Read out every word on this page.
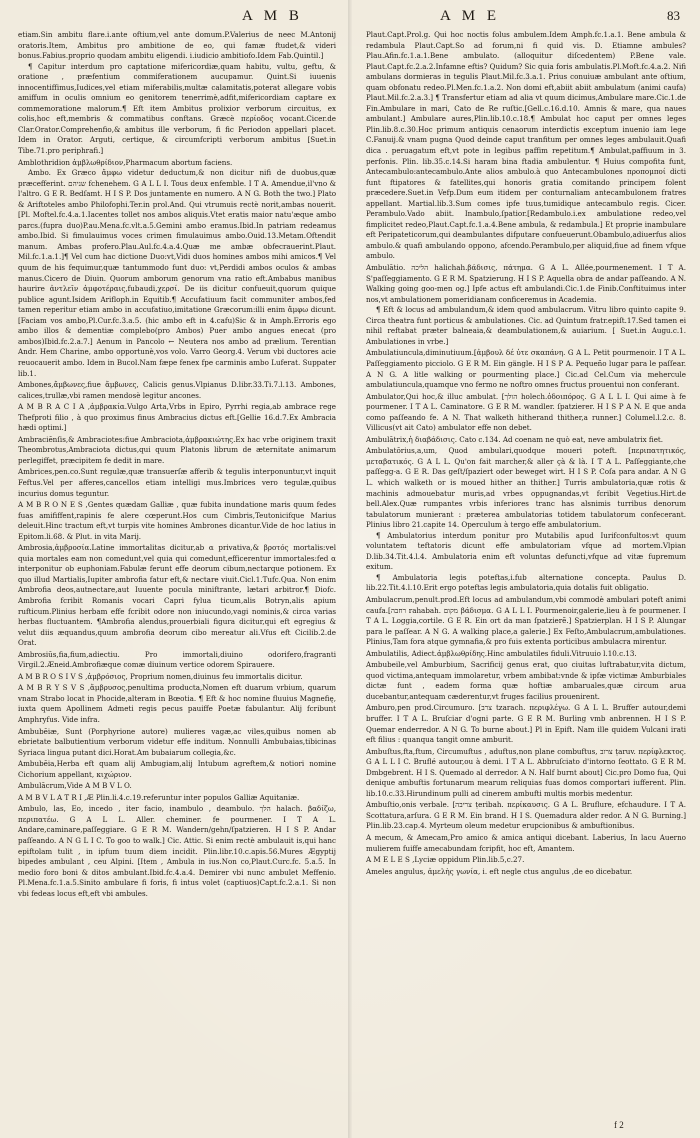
A M B	A M E	83

etiam.Sin ambitu flare.i.ante oftium,vel ante domum.P.Valerius de neec M.Antonij oratoris.Item, Ambitus pro ambitione de eo, qui famæ ftudet,& videri bonus.Fabius.proprio quodam ambitu eligendi. i.iudicio ambitiofo.Idem Fab.Quintil.]

¶ Capitur interdum pro captatione mifericordiæ,quam habitu, vultu, geftu, & oratione , præfentium commiferationem aucupamur. Quint.Si iuuenis innocentiffimus,Iudices,vel etiam miferabilis,multæ calamitatis,poterat allegare vobis amiffum in oculis omnium eo genitorem tenerrimè,adfit,mifericordiam captare ex commemoratione malorum.¶ Eft item Ambitus prolixior verborum circuitus, ex colis,hoc eft,membris & commatibus conftans. Græcè περίοδος vocant.Cicer.de Clar.Orator.Comprehenfio,& ambitus ille verborum, fi fic Periodon appellari placet. Idem in Orator. Arguti, certique, & circumfcripti verborum ambitus [Suet.in Tibe.71.pro periphrafi.]

Amblothridion ἀμβλωθρίδιον,Pharmacum abortum faciens.

Ambo. Ex Græco ἄμφω videtur deductum,& non dicitur nifi de duobus,quæ præcefferint. שניהם fchenehem. G A L L I. Tous deux enfemble. I T A. Amendue,il'vno & l'altro. G E R. Bedſamt. H I S P. Dos juntamente en numero. A N G. Both the two.] Plato & Ariftoteles ambo Philofophi.Ter.in prol.And. Qui vtrumuis rectè norit,ambas nouerit.[Pl. Moftel.fc.4.a.1.Iacentes tollet nos ambos aliquis.Vtet eratis maior natu'æque ambo parcs.(fupra duo)P.au.Mena.fc.vlt.a.5.Gemini ambo eramus.Ibid.In patriam redeamus ambo.Ibid. Si fimulauimus voces crimen fimulauimus ambo.Ouid.13.Metam.Oftendit manum. Ambas profero.Plau.Aul.fc.4.a.4.Quæ me ambæ obfecrauerint.Plaut. Mil.fc.1.a.1.]¶ Vel cum hac dictione Duo:vt,Vidi duos homines ambos mihi amicos.¶ Vel quum de his fequimur,quæ tantummodo funt duo: vt,Perdidi ambos oculos & ambas manus.Cicero de Diuin. Quorum amborum genorum vna ratio eft.Ambabus manibus haurire ἀντλεῖν ἀμφοτέραις,fubaudi,χερσί. De iis dicitur confueuit,quorum quique publice agunt.Isidem Arifloph.in Equitib.¶ Accufatiuum facit communiter ambos,fed tamen reperitur etiam ambo in accufatiuo,imitatione Græcorum:illi enim ἄμφω dicunt.[Faciam vos ambo,Pl.Cur.fc.3.a.5. (hic ambo eft in 4.cafu)Sic & in Amph.Erroris ego ambo illos & dementiæ complebo(pro Ambos) Puer ambo angues enecat (pro ambos)Ibid.fc.2.a.7.] Aenum in Pancolo ← Neutera nos ambo ad prælium. Terentian Andr. Hem Charine, ambo opportunè,vos volo. Varro Georg.4. Verum vbi ductores acie reuocauerit ambo. Idem in Bucol.Nam fæpe fenex fpe carminis ambo Luferat. Suppater lib.1.

Ambones,ἄμβωνες,fiue ἄμβωνες, Calicis genus.Vlpianus D.libr.33.Ti.7.l.13. Ambones, calices,trullæ,vbi ramen mendosè legitur ancones.

A M B R A C I A ,ἀμβρακία.Vulgo Arta,Vrbs in Epiro, Pyrrhi regia,ab ambrace rege Thefproti filio , à quo proximus finus Ambracius dictus eft.[Gellie 16.d.7.Ex Ambracia hædi optimi.]

Ambraciēnſis,& Ambraciotes:fiue Ambraciota,ἀμβρακιώτης.Ex hac vrbe originem traxit Theombrotus,Ambraciota dictus,qui quum Platonis librum de æternitate animarum perlegiffet, præcipitem fe dedit in mare.

Ambrices,pen.co.Sunt regulæ,quæ transuerſæ afferib & tegulis interponuntur,vt inquit Feftus.Vel per afferes,cancellos etiam intelligi mus.Imbrices vero tegulæ,quibus incurius domus teguntur.

A M B R O N E S ,Gentes quædam Galliæ , quæ fubita inundatione maris quum fedes fuas amififfent,rapinis fe alere cœperunt.Hos cum Cimbris,Teutonicifque Marius deleuit.Hinc tractum eft,vt turpis vite homines Ambrones dicantur.Vide de hoc latius in Epitom.li.68. & Plut. in vita Marij.

Ambrosia,ἀμβροσία.Latine immortalitas dicitur,ab α privativa,& βροτός mortalis:vel quia mortales eam non comedunt,vel quia qui comedunt,efficerentur immortales:fed α interponitur ob euphoniam.Fabulæ ferunt effe deorum cibum,nectarque potionem. Ex quo illud Martialis,Iupiter ambrofia fatur eft,& nectare viuit.Cicl.1.Tufc.Qua. Non enim Ambrofia deos,autnectare,aut Iuuente pocula miniftrante, lætari arbitror.¶ Diofc. Ambrofia fcribit Romanis vocari Capri fylua ticum,alis Botryn,alis apium rufticum.Plinius herbam effe fcribit odore non iniucundo,vagi nominis,& circa varias herbas fluctuantem. ¶Ambrofia alendus,prouerbiali figura dicitur,qui eft egregius & velut diis æquandus,quum ambrofia deorum cibo mereatur ali.Vfus eft Cicilib.2.de Orat.

Ambrosiūs,fia,fium,adiectiu. Pro immortali,diuino odorifero,fragranti Virgil.2.Æneid.Ambrofiæque comæ diuinum vertice odorem Spirauere.

A M B R O S I V S ,ἀμβρόσιος, Proprium nomen,diuinus feu immortalis dicitur.

A M B R Y S V S ,ἄμβρυσος,penultima producta,Nomen eft duarum vrbium, quarum vnam Strabo locat in Phocide,alteram in Bœotia. ¶ Eft & hoc nomine fluuius Magnefię, iuxta quem Apollinem Admeti regis pecus pauiffe Poetæ fabulantur. Alij fcribunt Amphryfus. Vide infra.

Ambubēiæ, Sunt (Porphyrione autore) mulieres vagæ,ac viles,quibus nomen ab ebrietate balbutientium verborum videtur effe inditum. Nonnulli Ambubaias,tibicinas Syriaca lingua putant dici.Horat.Am bubaiarum collegia,&c.

Ambubēia,Herba eft quam alij Ambugiam,alij Intubum agreftem,& notiori nomine Cichorium appellant, κιχώριον.

Ambulācrum,Vide A M B V L O.

A M B V L A T R I ,Æ Plin.li.4.c.19.referuntur inter populos Galliæ Aquitaniæ.

Ambulo, las, Eo, incedo , iter facio, inambulo , deambulo. הלך halach. βαδίζω, περιπατέω. G A L L. Aller. cheminer. fe pourmener. I T A L. Andare,caminare,paſſeggiare. G E R M. Wandern/gehn/ſpatzieren. H I S P. Andar paſſeando. A N G L I C. To goo to walk.] Cic. Attic. Si enim rectè ambulauit is,qui hanc epiftolam tulit , in ipfum tuum diem incidit. Plin.libr.10.c.apis.56.Mures Ægyptij bipedes ambulant , ceu Alpini. [Item , Ambula in ius.Non co,Plaut.Curc.fc. 5.a.5. In medio foro boni & ditos ambulant.Ibid.fc.4.a.4. Demirer vbi nunc ambulet Meffenio. Pl.Mena.fc.1.a.5.Sinito ambulare fi foris, fi intus volet (captiuos)Capt.fc.2.a.1. Si non vbi fedeas locus eft,eft vbi ambules.

Plaut.Capt.Prol.g. Qui hoc noctis folus ambulem.Idem Amph.fc.1.a.1. Bene ambula & redambula Plaut.Capt.So ad forum,ni fi quid vis. D. Etiamne ambules?Plau.Afin.fc.1.a.1.Bene ambulato. (alloquitur diſcedentem) P.Bene vale. Plaut.Capt.fc.2.a.2.Infamne eftis? Quidum? Sic quia foris ambulatis.Pl.Moft.fc.4.a.2. Nifi ambulans dormieras in tegulis Plaut.Mil.fc.3.a.1. Prius conuiuæ ambulant ante oftium, quam obfonatu redeo.Pl.Men.fc.1.a.2. Non domi eft,abiit abiit ambulatum (animi caufa) Plaut.Mil.fc.2.a.3.] ¶ Transfertur etiam ad alia vt quum dicimus,Ambulare mare.Cic.1.de Fin.Ambulare in mari, Cato de Re ruſtic.[Gell.c.16.d.10. Amnis & mare, qua naues ambulant.] Ambulare aures,Plin.lib.10.c.18.¶ Ambulat hoc caput per omnes leges Plin.lib.8.c.30.Hoc primum antiquis cenaorum interdictis exceptum inuenio iam lege C.Fanuij.& vnam pugna Quod deinde caput tranfitum per omnes leges ambulauit.Quafi dica . peruagatum eft,vt pote in legibus paffim repetitum.¶ Ambulat,paffiuum in 3. perfonis. Plin. lib.35.c.14.Si haram bina ftadia ambulentur. ¶ Huius compofita funt, Antecambulo:antecambulo.Ante alios ambulo.à quo Antecambulones προπομποί dicti funt ftipatores & fatellites,qui honoris gratia comitando principem folent præcedere.Suet.in Vefp.Dum eum itidem per conturnaliam antecambulonem fratres appellant. Martial.lib.3.Sum comes ipfe tuus,tumidique antecambulo regis. Cicer. Perambulo.Vado abiit. Inambulo,ſpatior.[Redambulo.i.ex ambulatione redeo,vel fimplicitet redeo,Plaut.Capt.fc.1.a.4.Bene ambula, & redambula.] Et proprie inambulare eft Peripateticorum,qui deambulantes difputare confueuerunt.Obambulo,adiuerfus alios ambulo.& quafi ambulando oppono, afcendo.Perambulo,per aliquid,fiue ad finem vfque ambulo.

Ambulātio. הליכה halichah.βάδισις, πάτημα. G A L. Allée,pourmenement. I T A. S'paſſeggiamento. G E R M. Spatzierung. H I S P. Aquella obra de andar paſſeando. A N. Walking going goo-men og.] Ipfe actus eft ambulandi.Cic.1.de Finib.Conftituimus inter nos,vt ambulationem pomeridianam conficeremus in Academia.

¶ Eft & locus ad ambulandum,& idem quod ambulacrum. Vitru libro quinto capite 9. Circa theatra funt porticus & ambulationes. Cic. ad Quintum fratr.epiſt.17.Sed tamen ei nihil reftabat præter balneaia,& deambulationem,& auiarium. [ Suet.in Augu.c.1. Ambulationes in vrbe.]

Ambulatiuncula,diminutiuum.[ἀμβουλ δέ ὑτε σκαπάνη. G A L. Petit pourmenoir. I T A L. Paſſeggiamento picciolo. G E R M. Ein gängle. H I S P A. Pequeño lugar para le paſſear. A N G. A litle walking or pourmenting place.] Cic.ad Cel.Cum via mehercule ambulatiuncula,quamque vno fermo ne noftro omnes fructus prouentui non conferant.

Ambulator,Qui hoc,& illuc ambulat. [הולך holech.ὁδοιπόρος. G A L L I. Qui aime à fe pourmener. I T A L. Caminatore. G E R M. wandler. ſpatzierer. H I S P A N. E que anda como paſſeando fe. A N. That walketh hitherand thither,a runner.] Columel.l.2.c. 8. Villicus(vt ait Cato) ambulator effe non debet.

Ambulātrix,ἡ διαβάδισις. Cato c.134. Ad coenam ne quò eat, neve ambulatrix fiet.

Ambulatōrius,a,um, Quod ambulari,quodque moueri poteft. [περιπατητικός, μεταβατικός. G A L L. Qu'on fait marcher,& aller çà & là. I T A L. Paſſeggiante,che paſſegg-a. G E R. Das geſt/ſpaziert oder beweget wirt. H I S P. Coſa para andar. A N G L. which walketh or is moued hither an thither.] Turris ambulatoria,quæ rotis & machinis admouebatur muris,ad vrbes oppugnandas,vt fcribit Vegetius.Hirt.de bell.Alex.Quæ rumpantes vrbis inferiores tranc has alsnimis turribus denorum tabulatorum munierant : præterea ambulatorias totidem tabulatorum confecerant. Plinius libro 21.capite 14. Operculum à tergo effe ambulatorium.

¶ Ambulatorius interdum ponitur pro Mutabilis apud Iurifconfultos:vt quum voluntatem teftatoris dicunt effe ambulatoriam vfque ad mortem.Vlpian D.lib.34.Tit.4.l.4. Ambulatoria enim eft voluntas defuncti,vfque ad vitæ fupremum exitum.

¶ Ambulatoria legis poteftas,i.fub alternatione concepta. Paulus D. lib.22.Tit.4.l.10.Erit ergo poteftas legis ambulatoria,quia dotalis fuit obligatio.

Ambulacrum,penult.prod.Eft locus ad ambulandum,vbi commodè ambulari poteft animi caufa.[רחבה rahabah. מקום βάδισμα. G A L L I. Pourmenoir,galerie,lieu à fe pourmener. I T A L. Loggia,cortile. G E R. Ein ort da man ſpatzierẽ.] Spatzierplan. H I S P. Alungar para le paſſear. A N G. A walking place,a galerie.] Ex Feſto,Ambulacrum,ambulationes. Plinius,Tam fora atque gymnafia,& pro fuis extenta porticibus ambulacra mirentur.

Ambulatilis, Adiect.ἀμβλωθρίδης.Hinc ambulatiles fiduli.Vitruuio l.10.c.13.

Ambubeile,vel Amburbium, Sacrificij genus erat, quo ciuitas luftrabatur,vita dictum, quod victima,antequam immolaretur, vrbem ambibat:vnde & ipfæ victimæ Amburbiales dictæ funt , eadem forma quæ hoftiæ ambaruales,quæ circum arua ducebantur,antequam cæderentur,vt fruges facilius prouenirent.

Amburo,pen prod.Circumuro. [צרב tzarach. περιφλέγω. G A L L. Bruffer autour,demi bruffer. I T A L. Bruſciar d'ogni parte. G E R M. Burling vmb anbrennen. H I S P. Quemar enderredor. A N G. To burne about.] Pl in Epift. Nam ille quidem Vulcani irati eft filius : quanqua tangit omne amburit.

Ambuſtus,fta,ftum, Circumuftus , aduftus,non plane combuftus, צרוב ṭaruv. περίφλεκτος. G A L L I C. Bruflé autour,ou à demi. I T A L. Abbruſciato d'intorno ſeottato. G E R M. Dmbgebrent. H I S. Quemado al derredor. A N. Half burnt about] Cic.pro Domo fua, Qui denique ambuftis fortunarum mearum reliquias fuas domos comportari iufferent. Plin. lib.10.c.33.Hirundinum pulli ad cinerem ambufti multis morbis medentur.

Ambuſtio,onis verbale. [צריבה ṭeribah. περίκαυσις. G A L. Bruflure, efchaudure. I T A. Scottatura,arſura. G E R M. Ein brand. H I S. Quemadura alder redor. A N G. Burning.] Plin.lib.23.cap.4. Myrteum oleum medetur erupcionibus & ambuftionibus.

A mecum, & Amecam,Pro amico & amica antiqui dicebant. Laberius, In lacu Auerno mulierem fuiffe amecabundam fcripfit, hoc eft, Amantem.

A M E L E S ,Lyciæ oppidum Plin.lib.5,c.27.

Ameles angulus, ἀμελὴς γωνία, i. eft negle ctus angulus ,de eo dicebatur.

f 2
